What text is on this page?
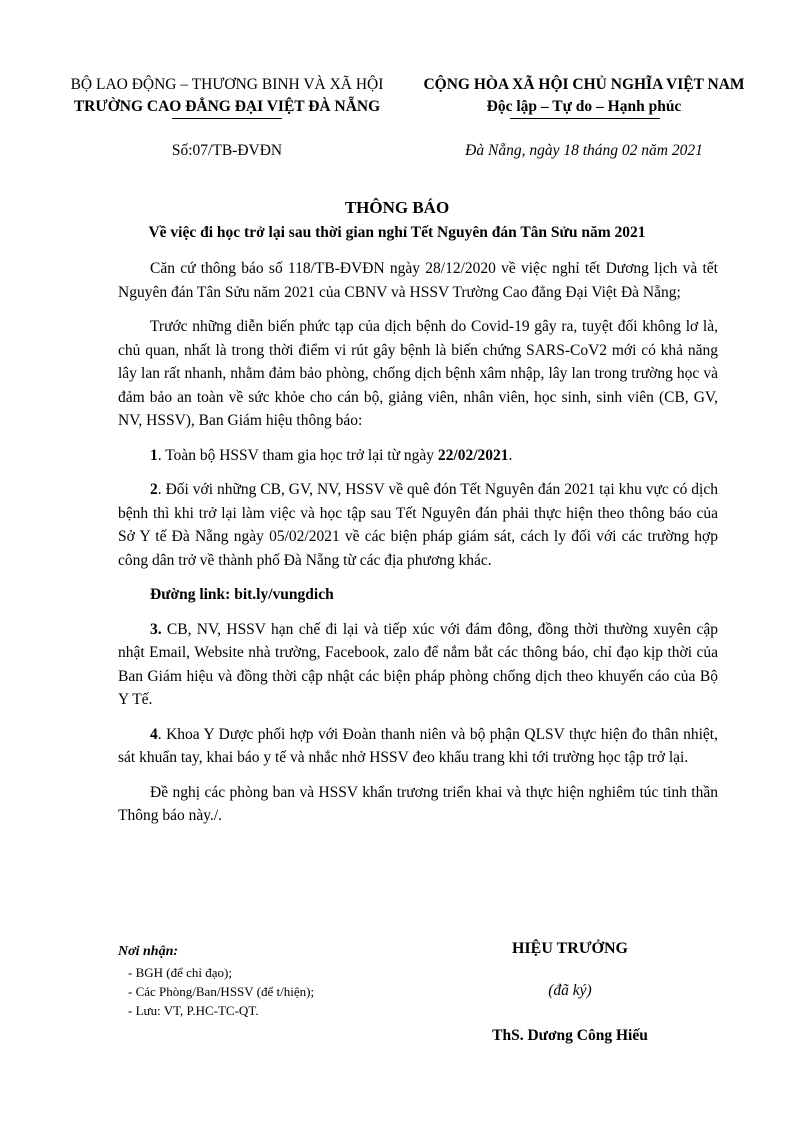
BỘ LAO ĐỘNG – THƯƠNG BINH VÀ XÃ HỘI
TRƯỜNG CAO ĐẲNG ĐẠI VIỆT ĐÀ NẴNG
CỘNG HÒA XÃ HỘI CHỦ NGHĨA VIỆT NAM
Độc lập – Tự do – Hạnh phúc
Số:07/TB-ĐVĐN	Đà Nẵng, ngày 18 tháng 02 năm 2021
THÔNG BÁO
Về việc đi học trở lại sau thời gian nghỉ Tết Nguyên đán Tân Sửu năm 2021

Căn cứ thông báo số 118/TB-ĐVĐN ngày 28/12/2020 về việc nghỉ tết Dương lịch và tết Nguyên đán Tân Sửu năm 2021 của CBNV và HSSV Trường Cao đẳng Đại Việt Đà Nẵng;

Trước những diễn biến phức tạp của dịch bệnh do Covid-19 gây ra, tuyệt đối không lơ là, chủ quan, nhất là trong thời điểm vi rút gây bệnh là biến chứng SARS-CoV2 mới có khả năng lây lan rất nhanh, nhằm đảm bảo phòng, chống dịch bệnh xâm nhập, lây lan trong trường học và đảm bảo an toàn về sức khỏe cho cán bộ, giảng viên, nhân viên, học sinh, sinh viên (CB, GV, NV, HSSV), Ban Giám hiệu thông báo:

1. Toàn bộ HSSV tham gia học trở lại từ ngày 22/02/2021.

2. Đối với những CB, GV, NV, HSSV về quê đón Tết Nguyên đán 2021 tại khu vực có dịch bệnh thì khi trở lại làm việc và học tập sau Tết Nguyên đán phải thực hiện theo thông báo của Sở Y tế Đà Nẵng ngày 05/02/2021 về các biện pháp giám sát, cách ly đối với các trường hợp công dân trở về thành phố Đà Nẵng từ các địa phương khác.

Đường link: bit.ly/vungdich

3. CB, NV, HSSV hạn chế đi lại và tiếp xúc với đám đông, đồng thời thường xuyên cập nhật Email, Website nhà trường, Facebook, zalo để nắm bắt các thông báo, chỉ đạo kịp thời của Ban Giám hiệu và đồng thời cập nhật các biện pháp phòng chống dịch theo khuyến cáo của Bộ Y Tế.

4. Khoa Y Dược phối hợp với Đoàn thanh niên và bộ phận QLSV thực hiện đo thân nhiệt, sát khuẩn tay, khai báo y tế và nhắc nhở HSSV đeo khẩu trang khi tới trường học tập trở lại.

Đề nghị các phòng ban và HSSV khẩn trương triển khai và thực hiện nghiêm túc tinh thần Thông báo này./.

Nơi nhận:
- BGH (để chỉ đạo);
- Các Phòng/Ban/HSSV (để t/hiện);
- Lưu: VT, P.HC-TC-QT.
HIỆU TRƯỞNG
(đã ký)
ThS. Dương Công Hiếu
